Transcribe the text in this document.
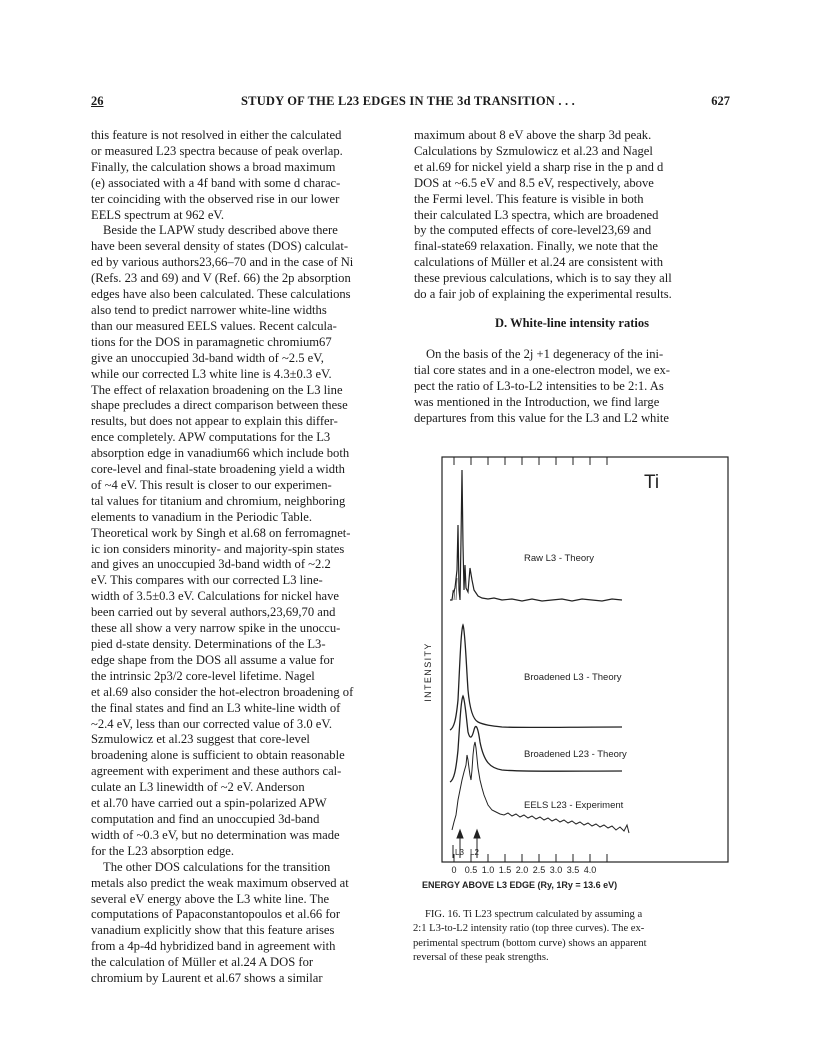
26	STUDY OF THE L23 EDGES IN THE 3d TRANSITION . . .	627
this feature is not resolved in either the calculated
or measured L23 spectra because of peak overlap.
Finally, the calculation shows a broad maximum
(e) associated with a 4f band with some d charac-
ter coinciding with the observed rise in our lower
EELS spectrum at 962 eV.
Beside the LAPW study described above there
have been several density of states (DOS) calculat-
ed by various authors23,66–70 and in the case of Ni
(Refs. 23 and 69) and V (Ref. 66) the 2p absorption
edges have also been calculated. These calculations
also tend to predict narrower white-line widths
than our measured EELS values. Recent calcula-
tions for the DOS in paramagnetic chromium67
give an unoccupied 3d-band width of ~2.5 eV,
while our corrected L3 white line is 4.3±0.3 eV.
The effect of relaxation broadening on the L3 line
shape precludes a direct comparison between these
results, but does not appear to explain this differ-
ence completely. APW computations for the L3
absorption edge in vanadium66 which include both
core-level and final-state broadening yield a width
of ~4 eV. This result is closer to our experimen-
tal values for titanium and chromium, neighboring
elements to vanadium in the Periodic Table.
Theoretical work by Singh et al.68 on ferromagnet-
ic ion considers minority- and majority-spin states
and gives an unoccupied 3d-band width of ~2.2
eV. This compares with our corrected L3 line-
width of 3.5±0.3 eV. Calculations for nickel have
been carried out by several authors,23,69,70 and
these all show a very narrow spike in the unoccu-
pied d-state density. Determinations of the L3-
edge shape from the DOS all assume a value for
the intrinsic 2p3/2 core-level lifetime. Nagel
et al.69 also consider the hot-electron broadening of
the final states and find an L3 white-line width of
~2.4 eV, less than our corrected value of 3.0 eV.
Szmulowicz et al.23 suggest that core-level
broadening alone is sufficient to obtain reasonable
agreement with experiment and these authors cal-
culate an L3 linewidth of ~2 eV. Anderson
et al.70 have carried out a spin-polarized APW
computation and find an unoccupied 3d-band
width of ~0.3 eV, but no determination was made
for the L23 absorption edge.
The other DOS calculations for the transition
metals also predict the weak maximum observed at
several eV energy above the L3 white line. The
computations of Papaconstantopoulos et al.66 for
vanadium explicitly show that this feature arises
from a 4p-4d hybridized band in agreement with
the calculation of Müller et al.24 A DOS for
chromium by Laurent et al.67 shows a similar
maximum about 8 eV above the sharp 3d peak.
Calculations by Szmulowicz et al.23 and Nagel
et al.69 for nickel yield a sharp rise in the p and d
DOS at ~6.5 eV and 8.5 eV, respectively, above
the Fermi level. This feature is visible in both
their calculated L3 spectra, which are broadened
by the computed effects of core-level23,69 and
final-state69 relaxation. Finally, we note that the
calculations of Müller et al.24 are consistent with
these previous calculations, which is to say they all
do a fair job of explaining the experimental results.
D. White-line intensity ratios
On the basis of the 2j +1 degeneracy of the ini-
tial core states and in a one-electron model, we ex-
pect the ratio of L3-to-L2 intensities to be 2:1. As
was mentioned in the Introduction, we find large
departures from this value for the L3 and L2 white
Ti
INTENSITY
L3 L2
Raw L3 - Theory
Broadened L3 - Theory
Broadened L23 - Theory
EELS L23 - Experiment
0 0.5 1.0 1.5 2.0 2.5 3.0 3.5 4.0
ENERGY ABOVE L3 EDGE (Ry, 1Ry = 13.6 eV)
FIG. 16. Ti L23 spectrum calculated by assuming a
2:1 L3-to-L2 intensity ratio (top three curves). The ex-
perimental spectrum (bottom curve) shows an apparent
reversal of these peak strengths.
